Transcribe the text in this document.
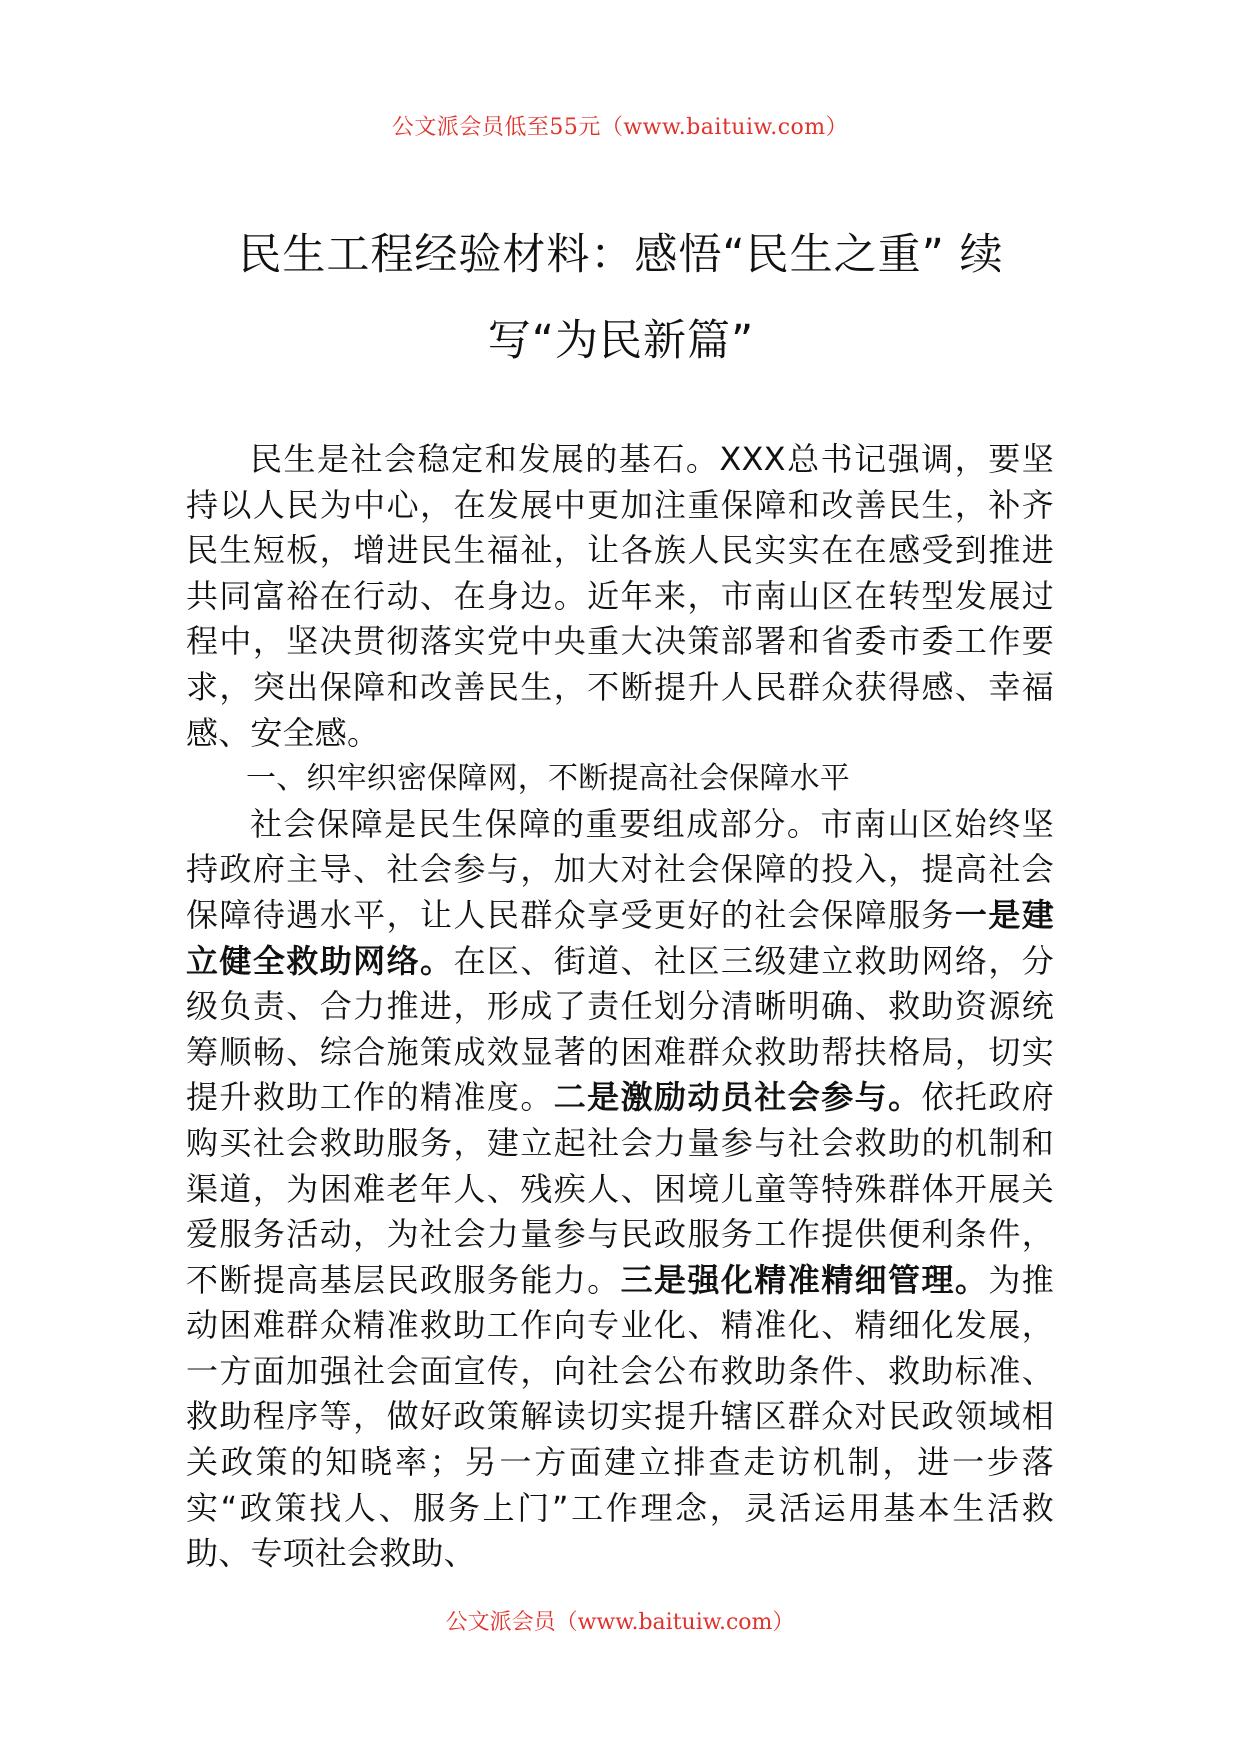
公文派会员低至55元（www.baituiw.com）
民生工程经验材料：感悟“民生之重” 续
写“为民新篇”

民生是社会稳定和发展的基石。XXX总书记强调，要坚持以人民为中心，在发展中更加注重保障和改善民生，补齐民生短板，增进民生福祉，让各族人民实实在在感受到推进共同富裕在行动、在身边。近年来，市南山区在转型发展过程中，坚决贯彻落实党中央重大决策部署和省委市委工作要求，突出保障和改善民生，不断提升人民群众获得感、幸福感、安全感。

一、织牢织密保障网，不断提高社会保障水平

社会保障是民生保障的重要组成部分。市南山区始终坚持政府主导、社会参与，加大对社会保障的投入，提高社会保障待遇水平，让人民群众享受更好的社会保障服务一是建立健全救助网络。在区、街道、社区三级建立救助网络，分级负责、合力推进，形成了责任划分清晰明确、救助资源统筹顺畅、综合施策成效显著的困难群众救助帮扶格局，切实提升救助工作的精准度。二是激励动员社会参与。依托政府购买社会救助服务，建立起社会力量参与社会救助的机制和渠道，为困难老年人、残疾人、困境儿童等特殊群体开展关爱服务活动，为社会力量参与民政服务工作提供便利条件，不断提高基层民政服务能力。三是强化精准精细管理。为推动困难群众精准救助工作向专业化、精准化、精细化发展，一方面加强社会面宣传，向社会公布救助条件、救助标准、救助程序等，做好政策解读切实提升辖区群众对民政领域相关政策的知晓率；另一方面建立排查走访机制，进一步落实“政策找人、服务上门”工作理念，灵活运用基本生活救助、专项社会救助、

公文派会员（www.baituiw.com）
